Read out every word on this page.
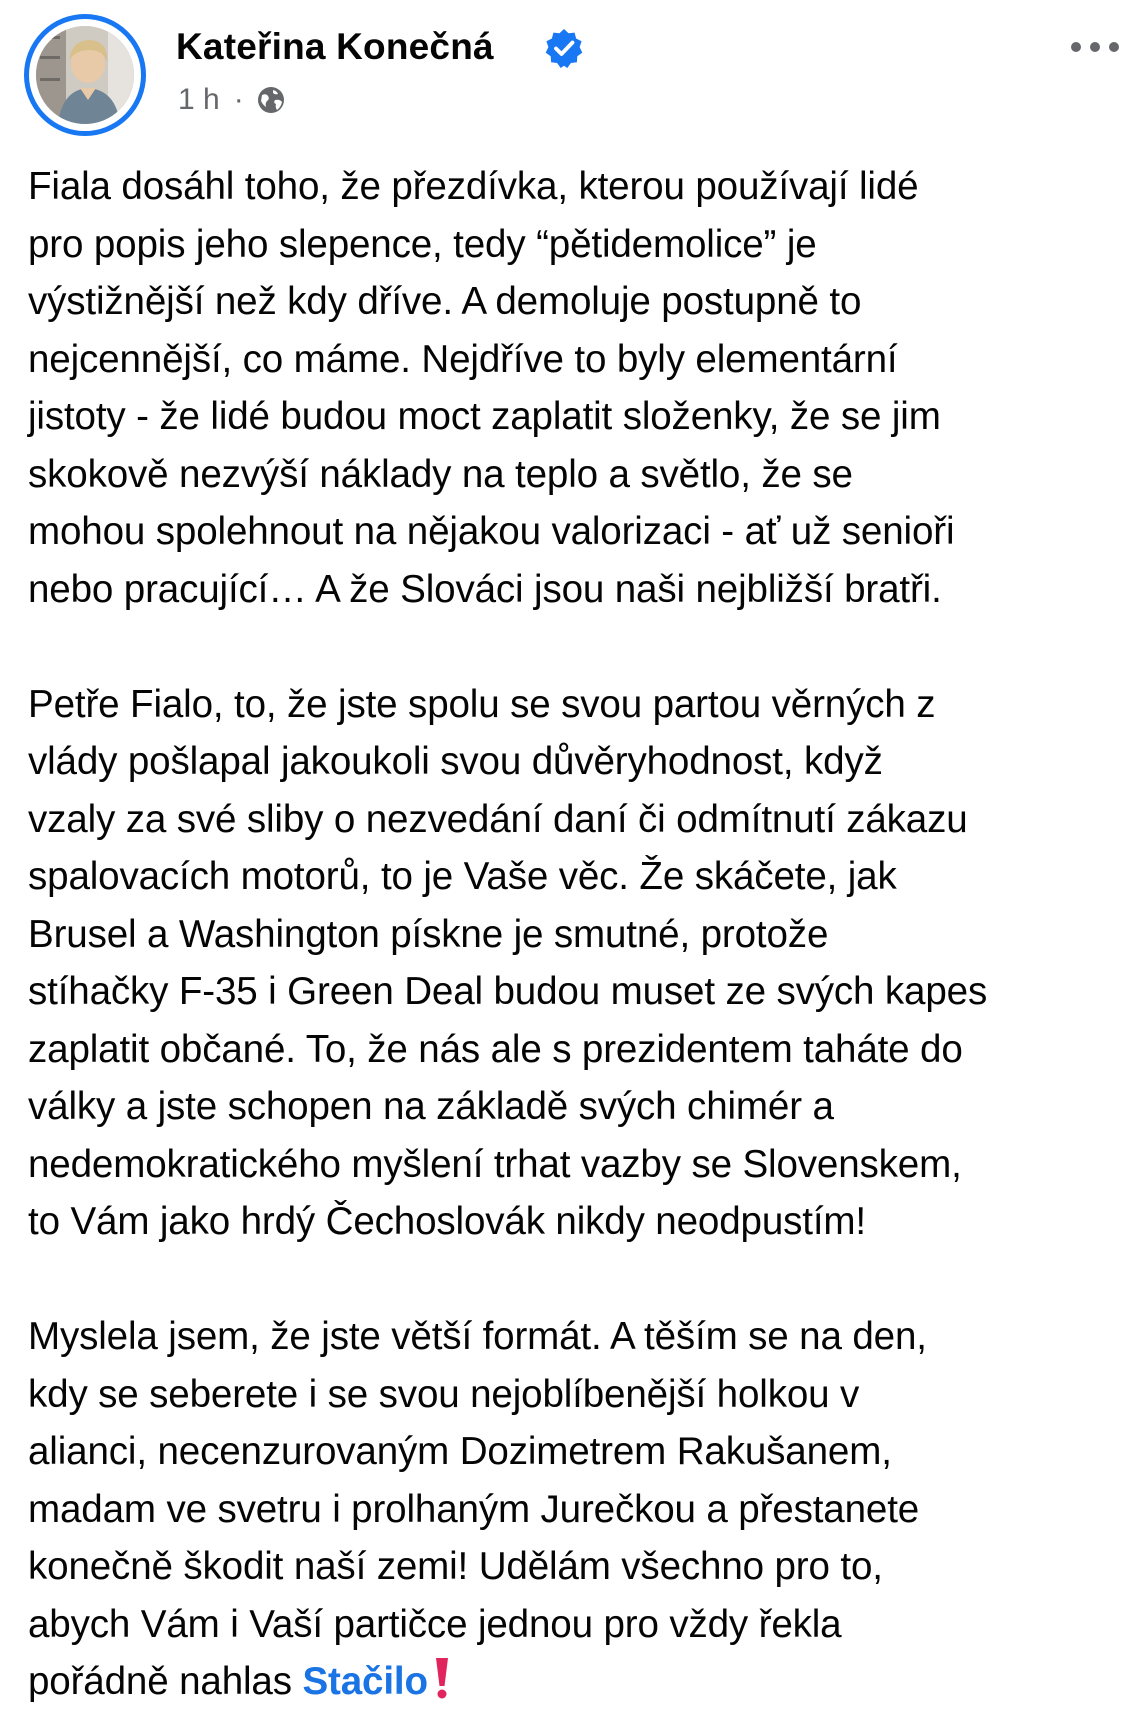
Kateřina Konečná
1 h ·

Fiala dosáhl toho, že přezdívka, kterou používají lidé
pro popis jeho slepence, tedy “pětidemolice” je
výstižnější než kdy dříve. A demoluje postupně to
nejcennější, co máme. Nejdříve to byly elementární
jistoty - že lidé budou moct zaplatit složenky, že se jim
skokově nezvýší náklady na teplo a světlo, že se
mohou spolehnout na nějakou valorizaci - ať už senioři
nebo pracující… A že Slováci jsou naši nejbližší bratři.

Petře Fialo, to, že jste spolu se svou partou věrných z
vlády pošlapal jakoukoli svou důvěryhodnost, když
vzaly za své sliby o nezvedání daní či odmítnutí zákazu
spalovacích motorů, to je Vaše věc. Že skáčete, jak
Brusel a Washington pískne je smutné, protože
stíhačky F-35 i Green Deal budou muset ze svých kapes
zaplatit občané. To, že nás ale s prezidentem taháte do
války a jste schopen na základě svých chimér a
nedemokratického myšlení trhat vazby se Slovenskem,
to Vám jako hrdý Čechoslovák nikdy neodpustím!

Myslela jsem, že jste větší formát. A těším se na den,
kdy se seberete i se svou nejoblíbenější holkou v
alianci, necenzurovaným Dozimetrem Rakušanem,
madam ve svetru i prolhaným Jurečkou a přestanete
konečně škodit naší zemi! Udělám všechno pro to,
abych Vám i Vaší partičce jednou pro vždy řekla
pořádně nahlas Stačilo
